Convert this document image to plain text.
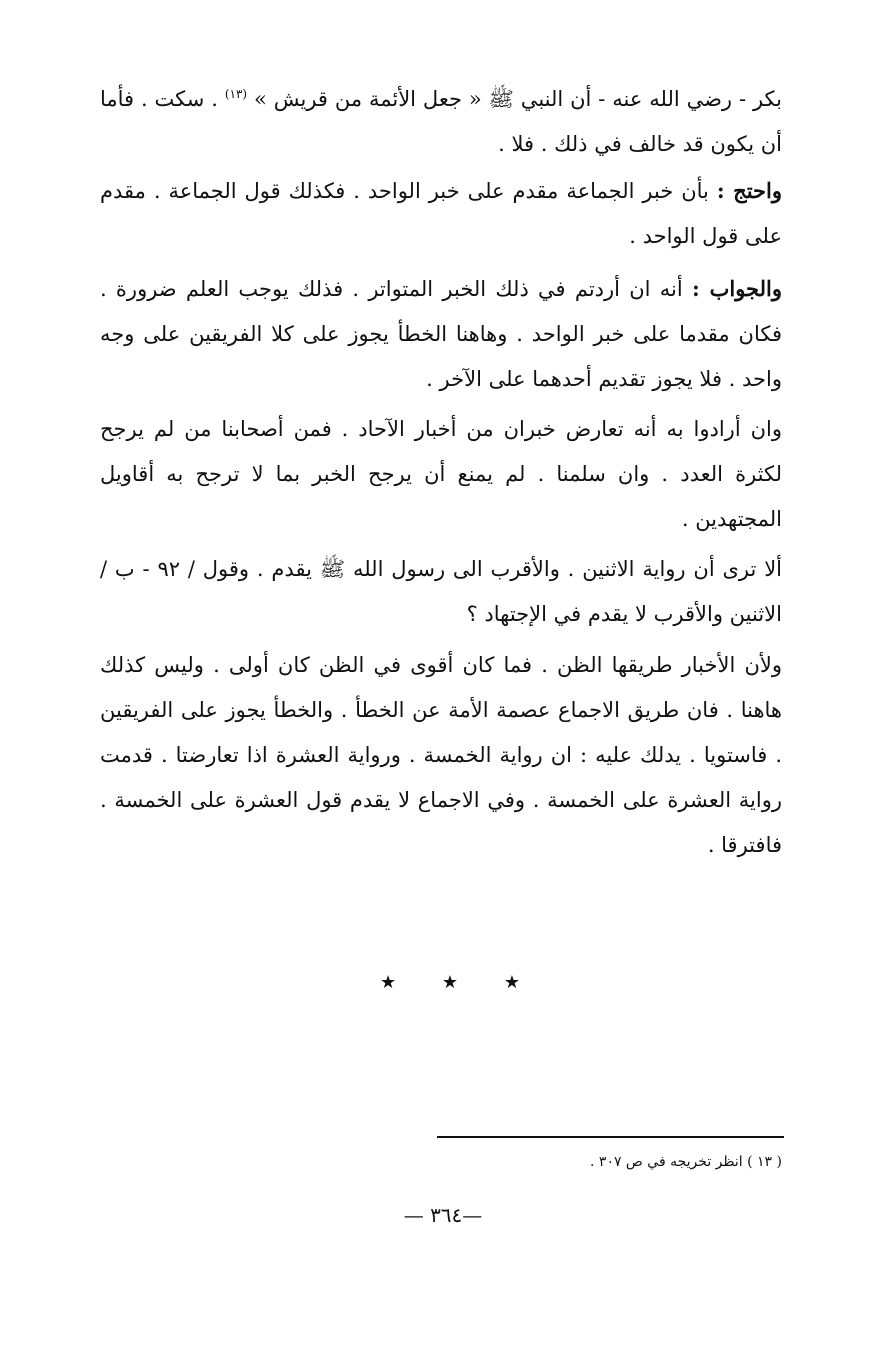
بكر - رضي الله عنه - أن النبي ﷺ « جعل الأئمة من قريش » $^{(١٣)}$ . سكت . فأما أن يكون قد خالف في ذلك . فلا .

واحتج : بأن خبر الجماعة مقدم على خبر الواحد . فكذلك قول الجماعة . مقدم على قول الواحد .

والجواب : أنه ان أردتم في ذلك الخبر المتواتر . فذلك يوجب العلم ضرورة . فكان مقدما على خبر الواحد . وهاهنا الخطأ يجوز على كلا الفريقين على وجه واحد . فلا يجوز تقديم أحدهما على الآخر .

وان أرادوا به أنه تعارض خبران من أخبار الآحاد . فمن أصحابنا من لم يرجح لكثرة العدد . وان سلمنا . لم يمنع أن يرجح الخبر بما لا ترجح به أقاويل المجتهدين .

ألا ترى أن رواية الاثنين . والأقرب الى رسول الله ﷺ يقدم . وقول / ٩٢ - ب / الاثنين والأقرب لا يقدم في الإجتهاد ؟

ولأن الأخبار طريقها الظن . فما كان أقوى في الظن كان أولى . وليس كذلك هاهنا . فان طريق الاجماع عصمة الأمة عن الخطأ . والخطأ يجوز على الفريقين . فاستويا . يدلك عليه : ان رواية الخمسة . ورواية العشرة اذا تعارضتا . قدمت رواية العشرة على الخمسة . وفي الاجماع لا يقدم قول العشرة على الخمسة . فافترقا .

★	★	★
( ١٣ ) انظر تخريجه في ص ٣٠٧ .
—٣٦٤ —
